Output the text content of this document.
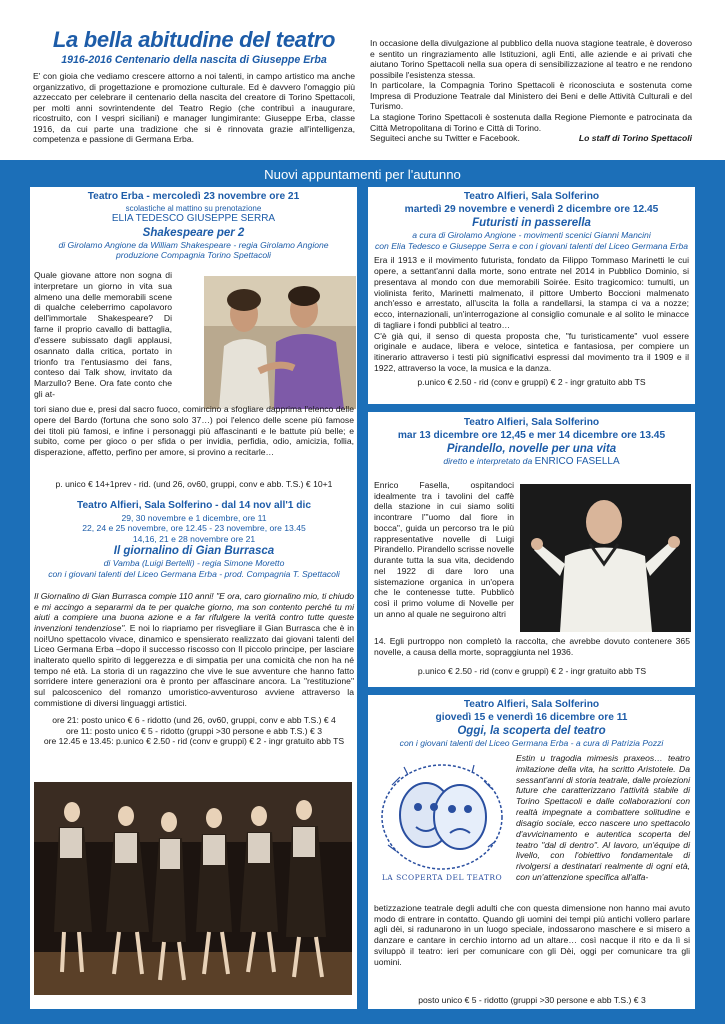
La bella abitudine del teatro
1916-2016 Centenario della nascita di Giuseppe Erba

E' con gioia che vediamo crescere attorno a noi talenti, in campo artistico ma anche organizzativo, di progettazione e promozione culturale. Ed è davvero l'omaggio più azzeccato per celebrare il centenario della nascita del creatore di Torino Spettacoli, per molti anni sovrintendente del Teatro Regio (che contribuì a inaugurare, ricostruito, con I vespri siciliani) e manager lungimirante: Giuseppe Erba, classe 1916, da cui parte una tradizione che si è rinnovata grazie all'intelligenza, competenza e passione di Germana Erba.

In occasione della divulgazione al pubblico della nuova stagione teatrale, è doveroso e sentito un ringraziamento alle Istituzioni, agli Enti, alle aziende e ai privati che aiutano Torino Spettacoli nella sua opera di sensibilizzazione al teatro e ne rendono possibile l'esistenza stessa.

In particolare, la Compagnia Torino Spettacoli è riconosciuta e sostenuta come Impresa di Produzione Teatrale dal Ministero dei Beni e delle Attività Culturali e del Turismo.

La stagione Torino Spettacoli è sostenuta dalla Regione Piemonte e patrocinata da Città Metropolitana di Torino e Città di Torino.

Seguiteci anche su Twitter e Facebook.	Lo staff di Torino Spettacoli

Nuovi appuntamenti per l'autunno
Teatro Erba - mercoledì 23 novembre ore 21
scolastiche al mattino su prenotazione
ELIA TEDESCO GIUSEPPE SERRA
Shakespeare per 2
di Girolamo Angione da William Shakespeare - regia Girolamo Angione
produzione Compagnia Torino Spettacoli
Quale giovane attore non sogna di interpretare un giorno in vita sua almeno una delle memorabili scene di qualche celeberrimo capolavoro dell'immortale Shakespeare? Di farne il proprio cavallo di battaglia, d'essere subissato dagli applausi, osannato dalla critica, portato in trionfo tra l'entusiasmo dei fans, conteso dai Talk show, invitato da Marzullo? Bene. Ora fate conto che gli at-
tori siano due e, presi dal sacro fuoco, comincino a sfogliare dapprima l'elenco delle opere del Bardo (fortuna che sono solo 37…) poi l'elenco delle scene più famose dei titoli più famosi, e infine i personaggi più affascinanti e le battute più belle; e subito, come per gioco o per sfida o per invidia, perfidia, odio, amicizia, follia, disperazione, affetto, perfino per amore, si provino a recitarle…
p. unico € 14+1prev - rid. (und 26, ov60, gruppi, conv e abb. T.S.) € 10+1
Teatro Alfieri, Sala Solferino - dal 14 nov all'1 dic
29, 30 novembre e 1 dicembre, ore 11
22, 24 e 25 novembre, ore 12.45 - 23 novembre, ore 13.45
14,16, 21 e 28 novembre ore 21
Il giornalino di Gian Burrasca
di Vamba (Luigi Bertelli) - regia Simone Moretto
con i giovani talenti del Liceo Germana Erba - prod. Compagnia T. Spettacoli
Il Giornalino di Gian Burrasca compie 110 anni! "E ora, caro giornalino mio, ti chiudo e mi accingo a separarmi da te per qualche giorno, ma son contento perché tu mi aiuti a compiere una buona azione e a far rifulgere la verità contro tutte queste invenzioni tendenziose". E noi lo riapriamo per risvegliare il Gian Burrasca che è in noi!Uno spettacolo vivace, dinamico e spensierato realizzato dai giovani talenti del Liceo Germana Erba –dopo il successo riscosso con Il piccolo principe, per lasciare inalterato quello spirito di leggerezza e di simpatia per una comicità che non ha né tempo né età. La storia di un ragazzino che vive le sue avventure che hanno fatto sorridere intere generazioni ora è pronto per affascinare ancora. La "restituzione" sul palcoscenico del romanzo umoristico-avventuroso avviene attraverso la commistione di diversi linguaggi artistici.
ore 21: posto unico € 6 - ridotto (und 26, ov60, gruppi, conv e abb T.S.) € 4
ore 11: posto unico € 5 - ridotto (gruppi >30 persone e abb T.S.) € 3
ore 12.45 e 13.45: p.unico € 2.50 - rid (conv e gruppi) € 2 - ingr gratuito abb TS
Teatro Alfieri, Sala Solferino
martedì 29 novembre e venerdì 2 dicembre ore 12.45
Futuristi in passerella
a cura di Girolamo Angione - movimenti scenici Gianni Mancini
con Elia Tedesco e Giuseppe Serra e con i giovani talenti del Liceo Germana Erba
Era il 1913 e il movimento futurista, fondato da Filippo Tommaso Marinetti le cui opere, a settant'anni dalla morte, sono entrate nel 2014 in Pubblico Dominio, si presentava al mondo con due memorabili Soirée. Esito tragicomico: tumulti, un violinista ferito, Marinetti malmenato, il pittore Umberto Boccioni malmenato anch'esso e arrestato, all'uscita la folla a randellarsi, la stampa ci va a nozze; ecco, internazionali, un'interrogazione al consiglio comunale e al solito le minacce di tagliare i fondi pubblici al teatro…
C'è già qui, il senso di questa proposta che, "fu turisticamente" vuol essere originale e audace, libera e veloce, sintetica e fantasiosa, per compiere un itinerario attraverso i testi più significativi espressi dal movimento tra il 1909 e il 1922, attraverso la voce, la musica e la danza.
p.unico € 2.50 - rid (conv e gruppi) € 2 - ingr gratuito abb TS
Teatro Alfieri, Sala Solferino
mar 13 dicembre ore 12,45 e mer 14 dicembre ore 13.45
Pirandello, novelle per una vita
diretto e interpretato da ENRICO FASELLA
Enrico Fasella, ospitandoci idealmente tra i tavolini del caffè della stazione in cui siamo soliti incontrare l'"uomo dal fiore in bocca", guida un percorso tra le più rappresentative novelle di Luigi Pirandello. Pirandello scrisse novelle durante tutta la sua vita, decidendo nel 1922 di dare loro una sistemazione organica in un'opera che le contenesse tutte. Pubblicò così il primo volume di Novelle per un anno al quale ne seguirono altri
14. Egli purtroppo non completò la raccolta, che avrebbe dovuto contenere 365 novelle, a causa della morte, sopraggiunta nel 1936.
p.unico € 2.50 - rid (conv e gruppi) € 2 - ingr gratuito abb TS
Teatro Alfieri, Sala Solferino
giovedì 15 e venerdì 16 dicembre ore 11
Oggi, la scoperta del teatro
con i giovani talenti del Liceo Germana Erba - a cura di Patrizia Pozzi
LA SCOPERTA DEL TEATRO
Estin u tragodia mimesis praxeos… teatro imitazione della vita, ha scritto Aristotele. Da sessant'anni di storia teatrale, dalle proiezioni future che caratterizzano l'attività stabile di Torino Spettacoli e dalle collaborazioni con realtà impegnate a combattere solitudine e disagio sociale, ecco nascere uno spettacolo d'avvicinamento e autentica scoperta del teatro "dal di dentro". Al lavoro, un'équipe di livello, con l'obiettivo fondamentale di rivolgersi a destinatari realmente di ogni età, con un'attenzione specifica all'alfa-
betizzazione teatrale degli adulti che con questa dimensione non hanno mai avuto modo di entrare in contatto. Quando gli uomini dei tempi più antichi vollero parlare agli dèi, si radunarono in un luogo speciale, indossarono maschere e si misero a danzare e cantare in cerchio intorno ad un altare… così nacque il rito e da lì si sviluppò il teatro: ieri per comunicare con gli Dèi, oggi per comunicare tra gli uomini.
posto unico € 5 - ridotto (gruppi >30 persone e abb T.S.) € 3
